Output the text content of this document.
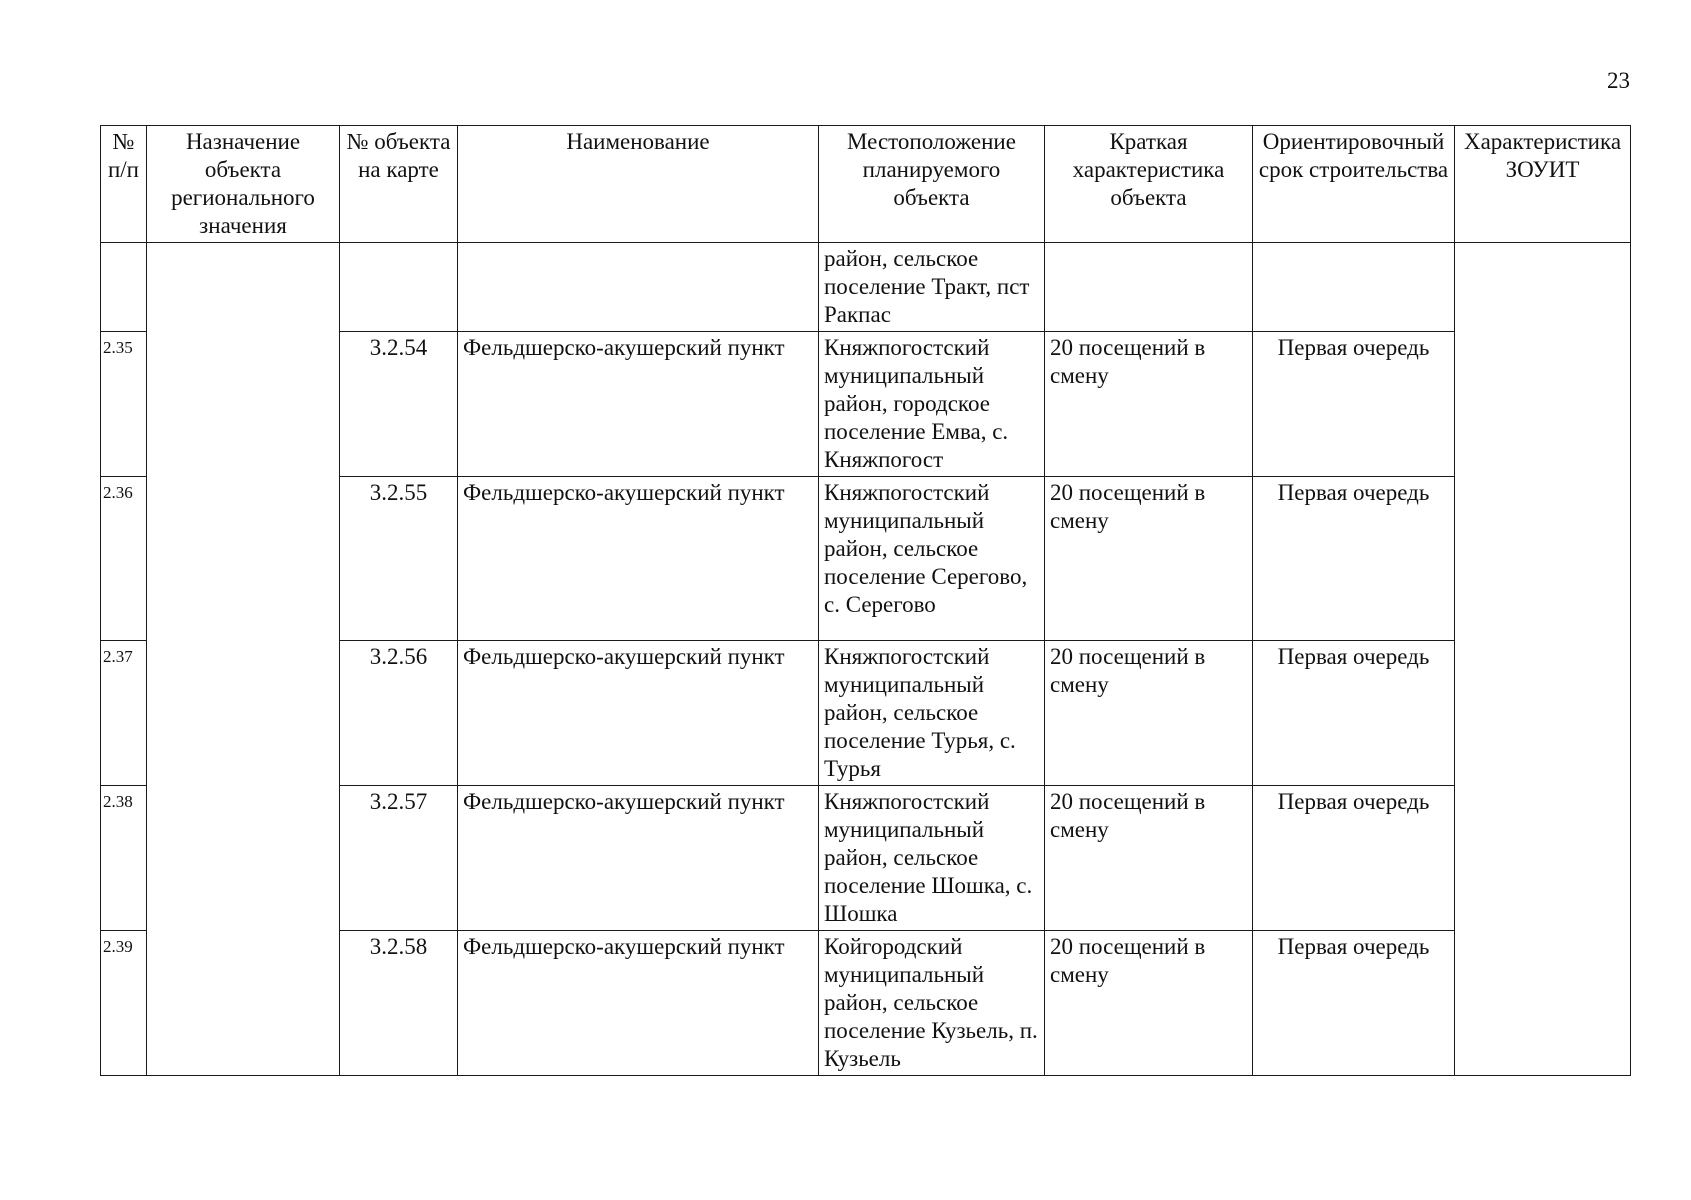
23
№ п/п	Назначение объекта регионального значения	№ объекта на карте	Наименование	Местоположение планируемого объекта	Краткая характеристика объекта	Ориентировочный срок строительства	Характеристика ЗОУИТ
				район, сельское поселение Тракт, пст Ракпас			
2.35		3.2.54	Фельдшерско-акушерский пункт	Княжпогостский муниципальный район, городское поселение Емва, с. Княжпогост	20 посещений в смену	Первая очередь	
2.36		3.2.55	Фельдшерско-акушерский пункт	Княжпогостский муниципальный район, сельское поселение Серегово, с. Серегово	20 посещений в смену	Первая очередь	
2.37		3.2.56	Фельдшерско-акушерский пункт	Княжпогостский муниципальный район, сельское поселение Турья, с. Турья	20 посещений в смену	Первая очередь	
2.38		3.2.57	Фельдшерско-акушерский пункт	Княжпогостский муниципальный район, сельское поселение Шошка, с. Шошка	20 посещений в смену	Первая очередь	
2.39		3.2.58	Фельдшерско-акушерский пункт	Койгородский муниципальный район, сельское поселение Кузьель, п. Кузьель	20 посещений в смену	Первая очередь	
